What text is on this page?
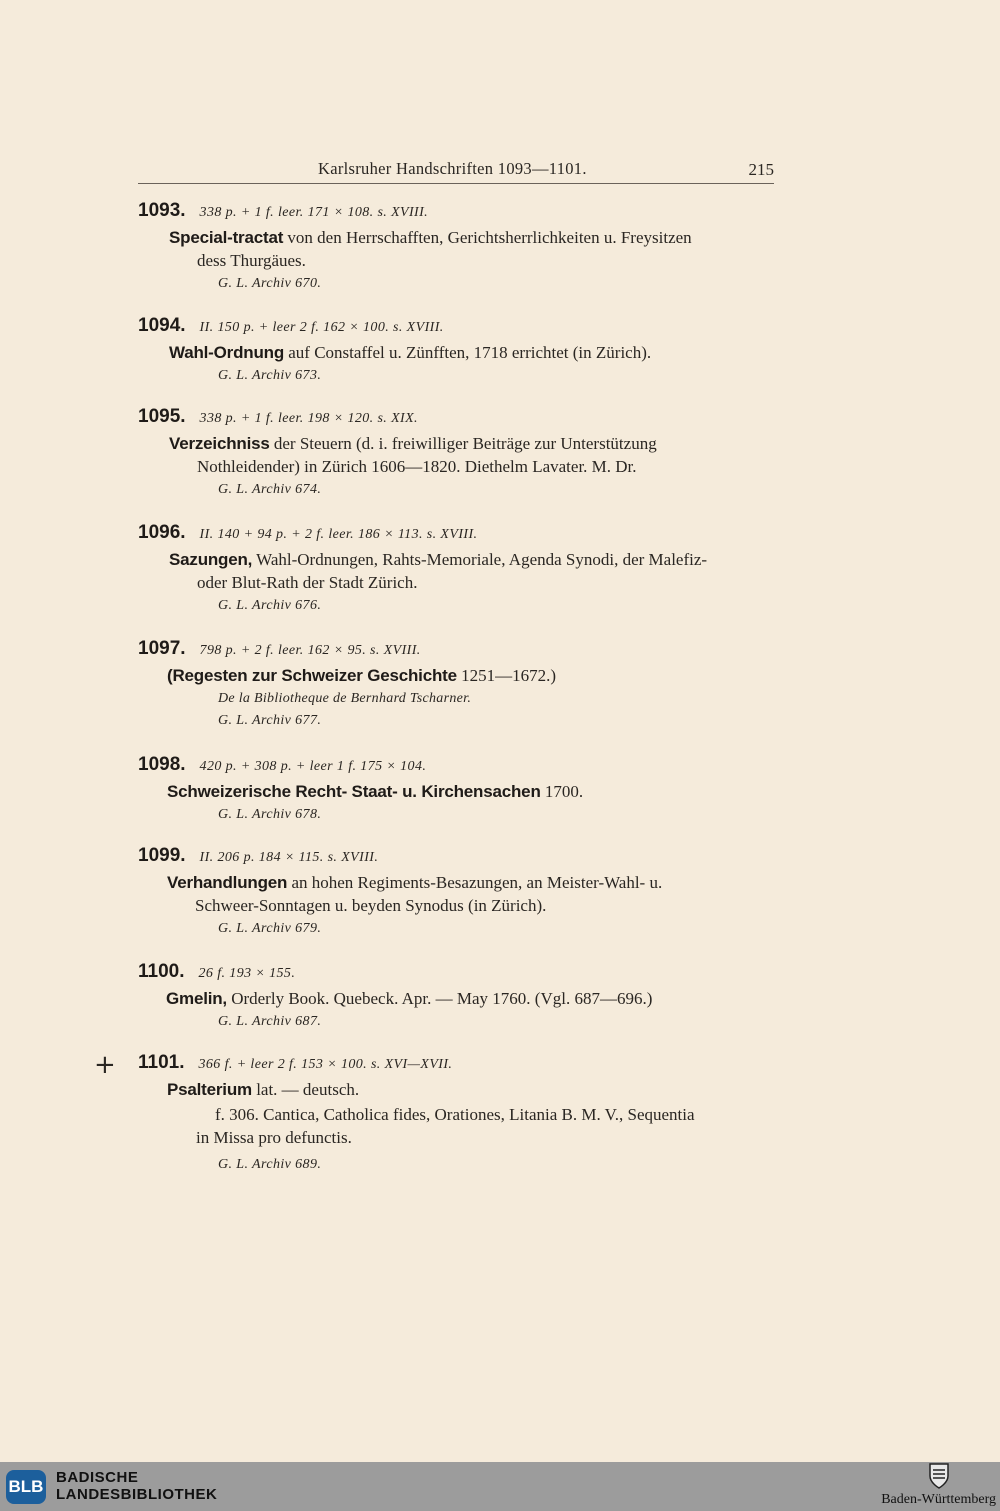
Karlsruher Handschriften 1093—1101.	215
1093. 338 p. + 1 f. leer. 171 × 108. s. XVIII.
Special-tractat von den Herrschafften, Gerichtsherrlichkeiten u. Freysitzen
dess Thurgäues.
G. L. Archiv 670.
1094. II. 150 p. + leer 2 f. 162 × 100. s. XVIII.
Wahl-Ordnung auf Constaffel u. Zünfften, 1718 errichtet (in Zürich).
G. L. Archiv 673.
1095. 338 p. + 1 f. leer. 198 × 120. s. XIX.
Verzeichniss der Steuern (d. i. freiwilliger Beiträge zur Unterstützung
Nothleidender) in Zürich 1606—1820. Diethelm Lavater. M. Dr.
G. L. Archiv 674.
1096. II. 140 + 94 p. + 2 f. leer. 186 × 113. s. XVIII.
Sazungen, Wahl-Ordnungen, Rahts-Memoriale, Agenda Synodi, der Malefiz-
oder Blut-Rath der Stadt Zürich.
G. L. Archiv 676.
1097. 798 p. + 2 f. leer. 162 × 95. s. XVIII.
(Regesten zur Schweizer Geschichte 1251—1672.)
De la Bibliotheque de Bernhard Tscharner.
G. L. Archiv 677.
1098. 420 p. + 308 p. + leer 1 f. 175 × 104.
Schweizerische Recht- Staat- u. Kirchensachen 1700.
G. L. Archiv 678.
1099. II. 206 p. 184 × 115. s. XVIII.
Verhandlungen an hohen Regiments-Besazungen, an Meister-Wahl- u.
Schweer-Sonntagen u. beyden Synodus (in Zürich).
G. L. Archiv 679.
1100. 26 f. 193 × 155.
Gmelin, Orderly Book. Quebeck. Apr. — May 1760. (Vgl. 687—696.)
G. L. Archiv 687.
+ 1101. 366 f. + leer 2 f. 153 × 100. s. XVI—XVII.
Psalterium lat. — deutsch.
f. 306. Cantica, Catholica fides, Orationes, Litania B. M. V., Sequentia
in Missa pro defunctis.
G. L. Archiv 689.
BLB BADISCHE
LANDESBIBLIOTHEK	Baden-Württemberg
